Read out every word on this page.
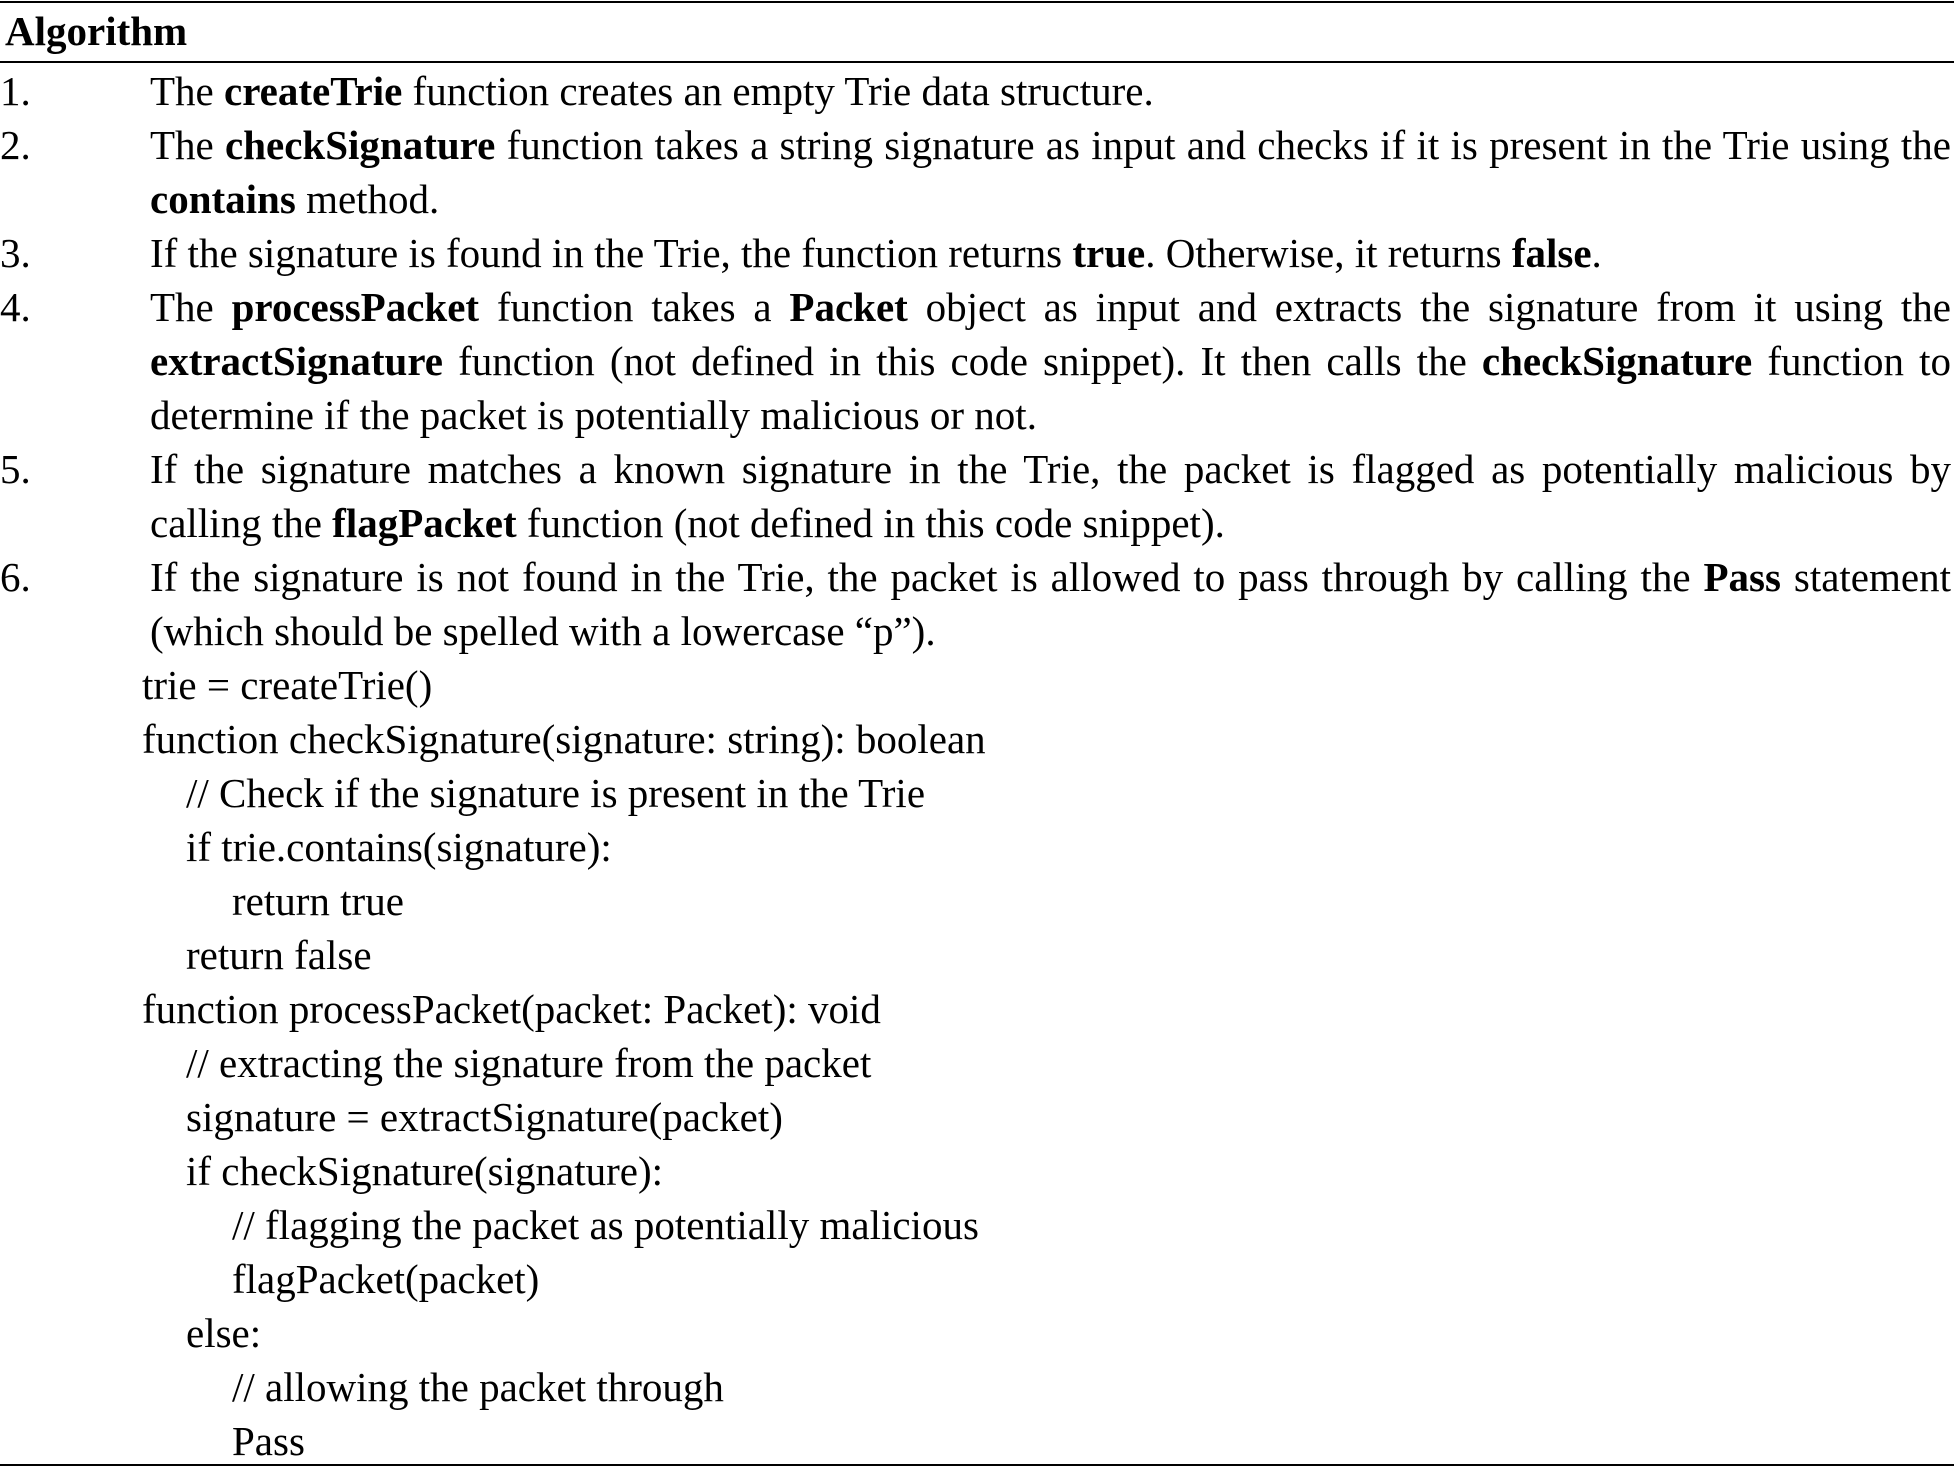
Algorithm
1.	The createTrie function creates an empty Trie data structure.
2.	The checkSignature function takes a string signature as input and checks if it is present in the Trie using the contains method.
3.	If the signature is found in the Trie, the function returns true. Otherwise, it returns false.
4.	The processPacket function takes a Packet object as input and extracts the signature from it using the extractSignature function (not defined in this code snippet). It then calls the checkSignature function to determine if the packet is potentially malicious or not.
5.	If the signature matches a known signature in the Trie, the packet is flagged as potentially malicious by calling the flagPacket function (not defined in this code snippet).
6.	If the signature is not found in the Trie, the packet is allowed to pass through by calling the Pass statement (which should be spelled with a lowercase “p”).
trie = createTrie()
function checkSignature(signature: string): boolean
// Check if the signature is present in the Trie
if trie.contains(signature):
return true
return false
function processPacket(packet: Packet): void
// extracting the signature from the packet
signature = extractSignature(packet)
if checkSignature(signature):
// flagging the packet as potentially malicious
flagPacket(packet)
else:
// allowing the packet through
Pass
